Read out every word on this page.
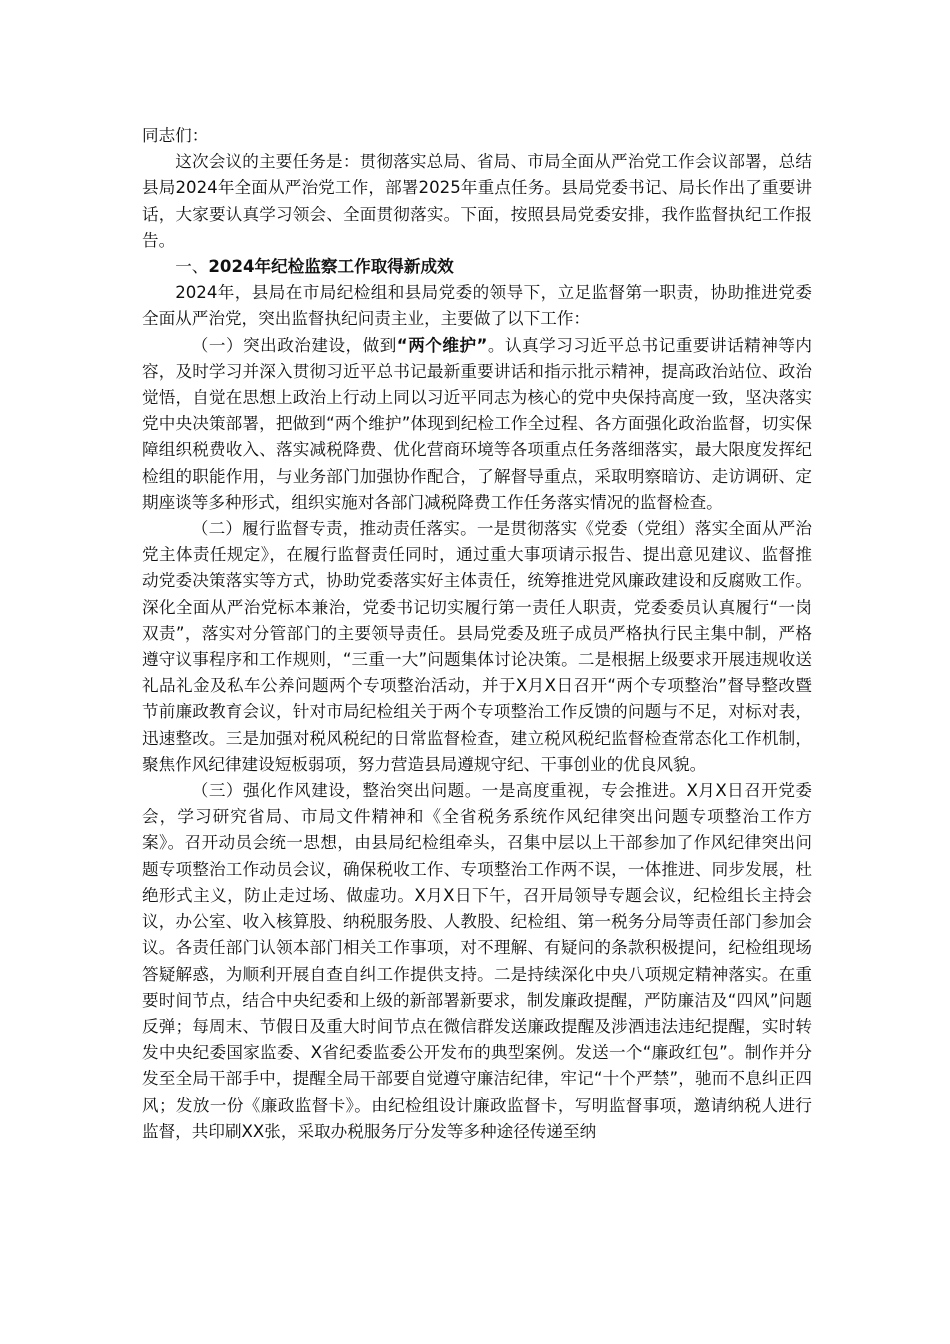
同志们：

这次会议的主要任务是：贯彻落实总局、省局、市局全面从严治党工作会议部署，总结县局2024年全面从严治党工作，部署2025年重点任务。县局党委书记、局长作出了重要讲话，大家要认真学习领会、全面贯彻落实。下面，按照县局党委安排，我作监督执纪工作报告。

一、2024年纪检监察工作取得新成效

2024年，县局在市局纪检组和县局党委的领导下，立足监督第一职责，协助推进党委全面从严治党，突出监督执纪问责主业，主要做了以下工作：

（一）突出政治建设，做到“两个维护”。认真学习习近平总书记重要讲话精神等内容，及时学习并深入贯彻习近平总书记最新重要讲话和指示批示精神，提高政治站位、政治觉悟，自觉在思想上政治上行动上同以习近平同志为核心的党中央保持高度一致，坚决落实党中央决策部署，把做到“两个维护”体现到纪检工作全过程、各方面强化政治监督，切实保障组织税费收入、落实减税降费、优化营商环境等各项重点任务落细落实，最大限度发挥纪检组的职能作用，与业务部门加强协作配合，了解督导重点，采取明察暗访、走访调研、定期座谈等多种形式，组织实施对各部门减税降费工作任务落实情况的监督检查。

（二）履行监督专责，推动责任落实。一是贯彻落实《党委（党组）落实全面从严治党主体责任规定》，在履行监督责任同时，通过重大事项请示报告、提出意见建议、监督推动党委决策落实等方式，协助党委落实好主体责任，统筹推进党风廉政建设和反腐败工作。深化全面从严治党标本兼治，党委书记切实履行第一责任人职责，党委委员认真履行“一岗双责”，落实对分管部门的主要领导责任。县局党委及班子成员严格执行民主集中制，严格遵守议事程序和工作规则，“三重一大”问题集体讨论决策。二是根据上级要求开展违规收送礼品礼金及私车公养问题两个专项整治活动，并于X月X日召开“两个专项整治”督导整改暨节前廉政教育会议，针对市局纪检组关于两个专项整治工作反馈的问题与不足，对标对表，迅速整改。三是加强对税风税纪的日常监督检查，建立税风税纪监督检查常态化工作机制，聚焦作风纪律建设短板弱项，努力营造县局遵规守纪、干事创业的优良风貌。

（三）强化作风建设，整治突出问题。一是高度重视，专会推进。X月X日召开党委会，学习研究省局、市局文件精神和《全省税务系统作风纪律突出问题专项整治工作方案》。召开动员会统一思想，由县局纪检组牵头，召集中层以上干部参加了作风纪律突出问题专项整治工作动员会议，确保税收工作、专项整治工作两不误，一体推进、同步发展，杜绝形式主义，防止走过场、做虚功。X月X日下午，召开局领导专题会议，纪检组长主持会议，办公室、收入核算股、纳税服务股、人教股、纪检组、第一税务分局等责任部门参加会议。各责任部门认领本部门相关工作事项，对不理解、有疑问的条款积极提问，纪检组现场答疑解惑，为顺利开展自查自纠工作提供支持。二是持续深化中央八项规定精神落实。在重要时间节点，结合中央纪委和上级的新部署新要求，制发廉政提醒，严防廉洁及“四风”问题反弹；每周末、节假日及重大时间节点在微信群发送廉政提醒及涉酒违法违纪提醒，实时转发中央纪委国家监委、X省纪委监委公开发布的典型案例。发送一个“廉政红包”。制作并分发至全局干部手中，提醒全局干部要自觉遵守廉洁纪律，牢记“十个严禁”，驰而不息纠正四风；发放一份《廉政监督卡》。由纪检组设计廉政监督卡，写明监督事项，邀请纳税人进行监督，共印刷XX张，采取办税服务厅分发等多种途径传递至纳
